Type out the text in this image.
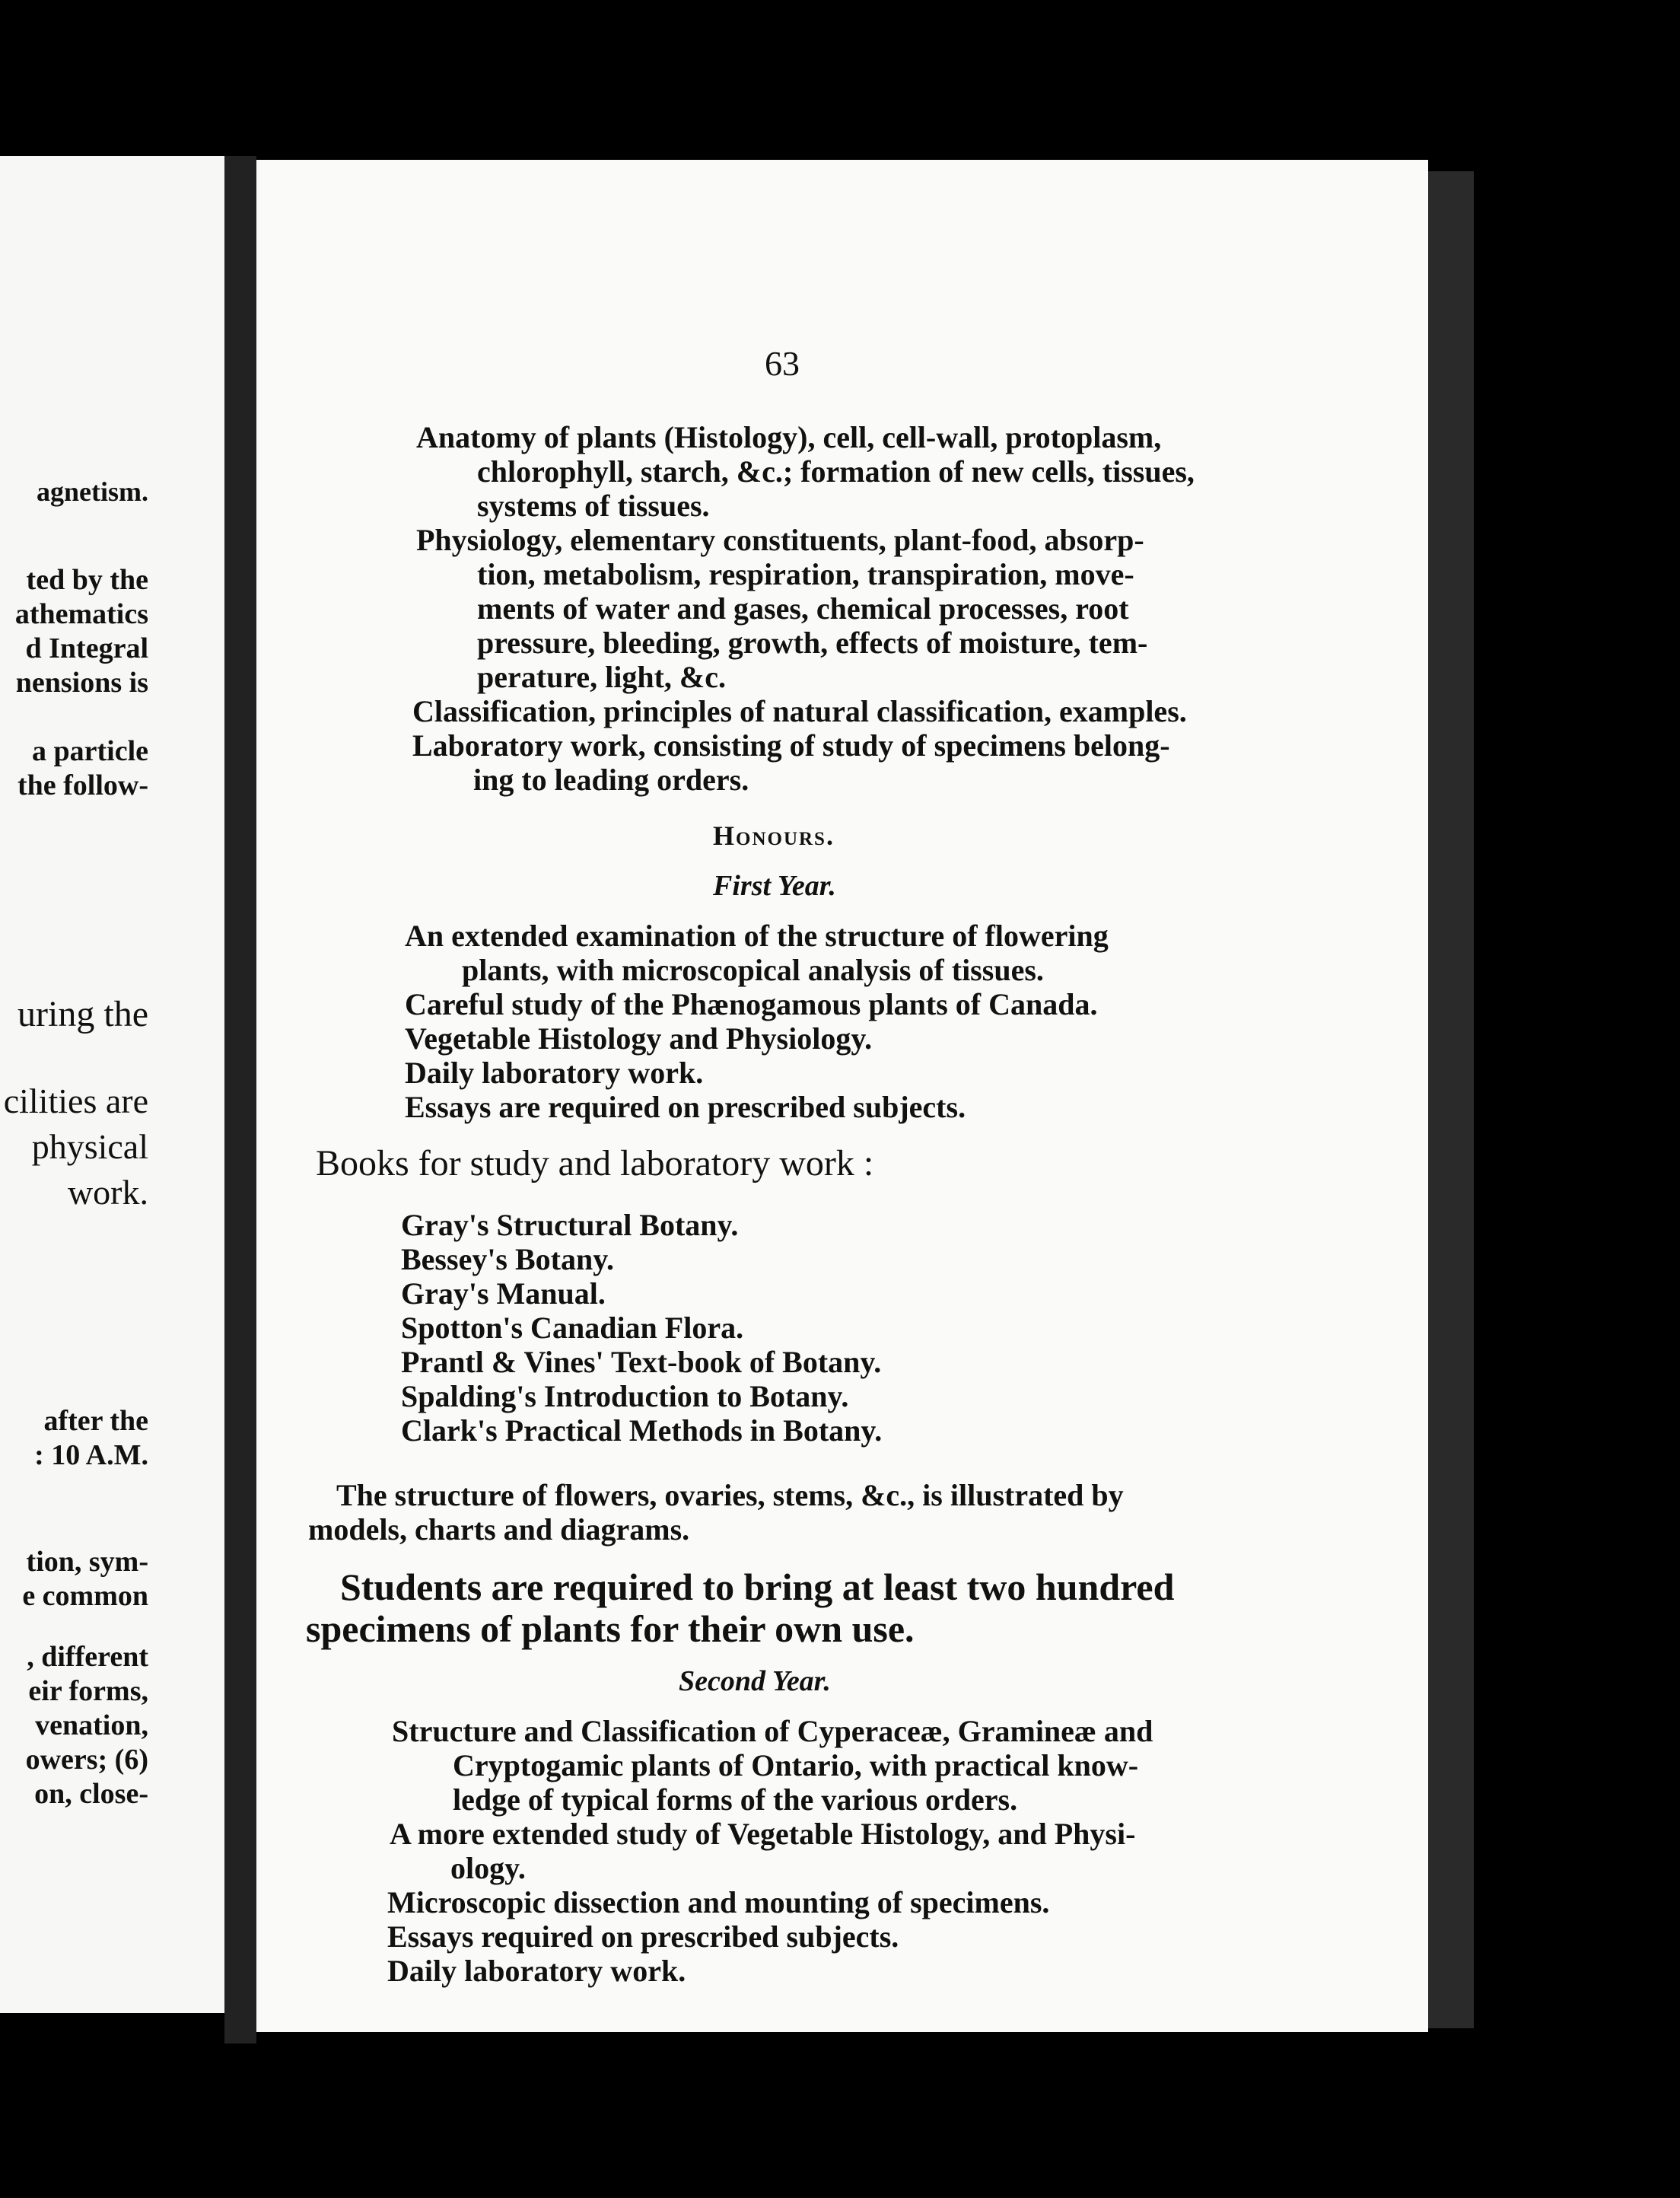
agnetism.
ted by the
athematics
d Integral
nensions is
a particle
the follow-
uring the
cilities are
physical
work.
after the
: 10 A.M.
tion, sym-
e common
, different
eir forms,
venation,
owers; (6)
on, close-
63
Anatomy of plants (Histology), cell, cell-wall, protoplasm,
chlorophyll, starch, &c.; formation of new cells, tissues,
systems of tissues.
Physiology, elementary constituents, plant-food, absorp-
tion, metabolism, respiration, transpiration, move-
ments of water and gases, chemical processes, root
pressure, bleeding, growth, effects of moisture, tem-
perature, light, &c.
Classification, principles of natural classification, examples.
Laboratory work, consisting of study of specimens belong-
ing to leading orders.
Honours.
First Year.
An extended examination of the structure of flowering
plants, with microscopical analysis of tissues.
Careful study of the Phænogamous plants of Canada.
Vegetable Histology and Physiology.
Daily laboratory work.
Essays are required on prescribed subjects.
Books for study and laboratory work :
Gray's Structural Botany.
Bessey's Botany.
Gray's Manual.
Spotton's Canadian Flora.
Prantl & Vines' Text-book of Botany.
Spalding's Introduction to Botany.
Clark's Practical Methods in Botany.
The structure of flowers, ovaries, stems, &c., is illustrated by
models, charts and diagrams.
Students are required to bring at least two hundred
specimens of plants for their own use.
Second Year.
Structure and Classification of Cyperaceæ, Gramineæ and
Cryptogamic plants of Ontario, with practical know-
ledge of typical forms of the various orders.
A more extended study of Vegetable Histology, and Physi-
ology.
Microscopic dissection and mounting of specimens.
Essays required on prescribed subjects.
Daily laboratory work.
